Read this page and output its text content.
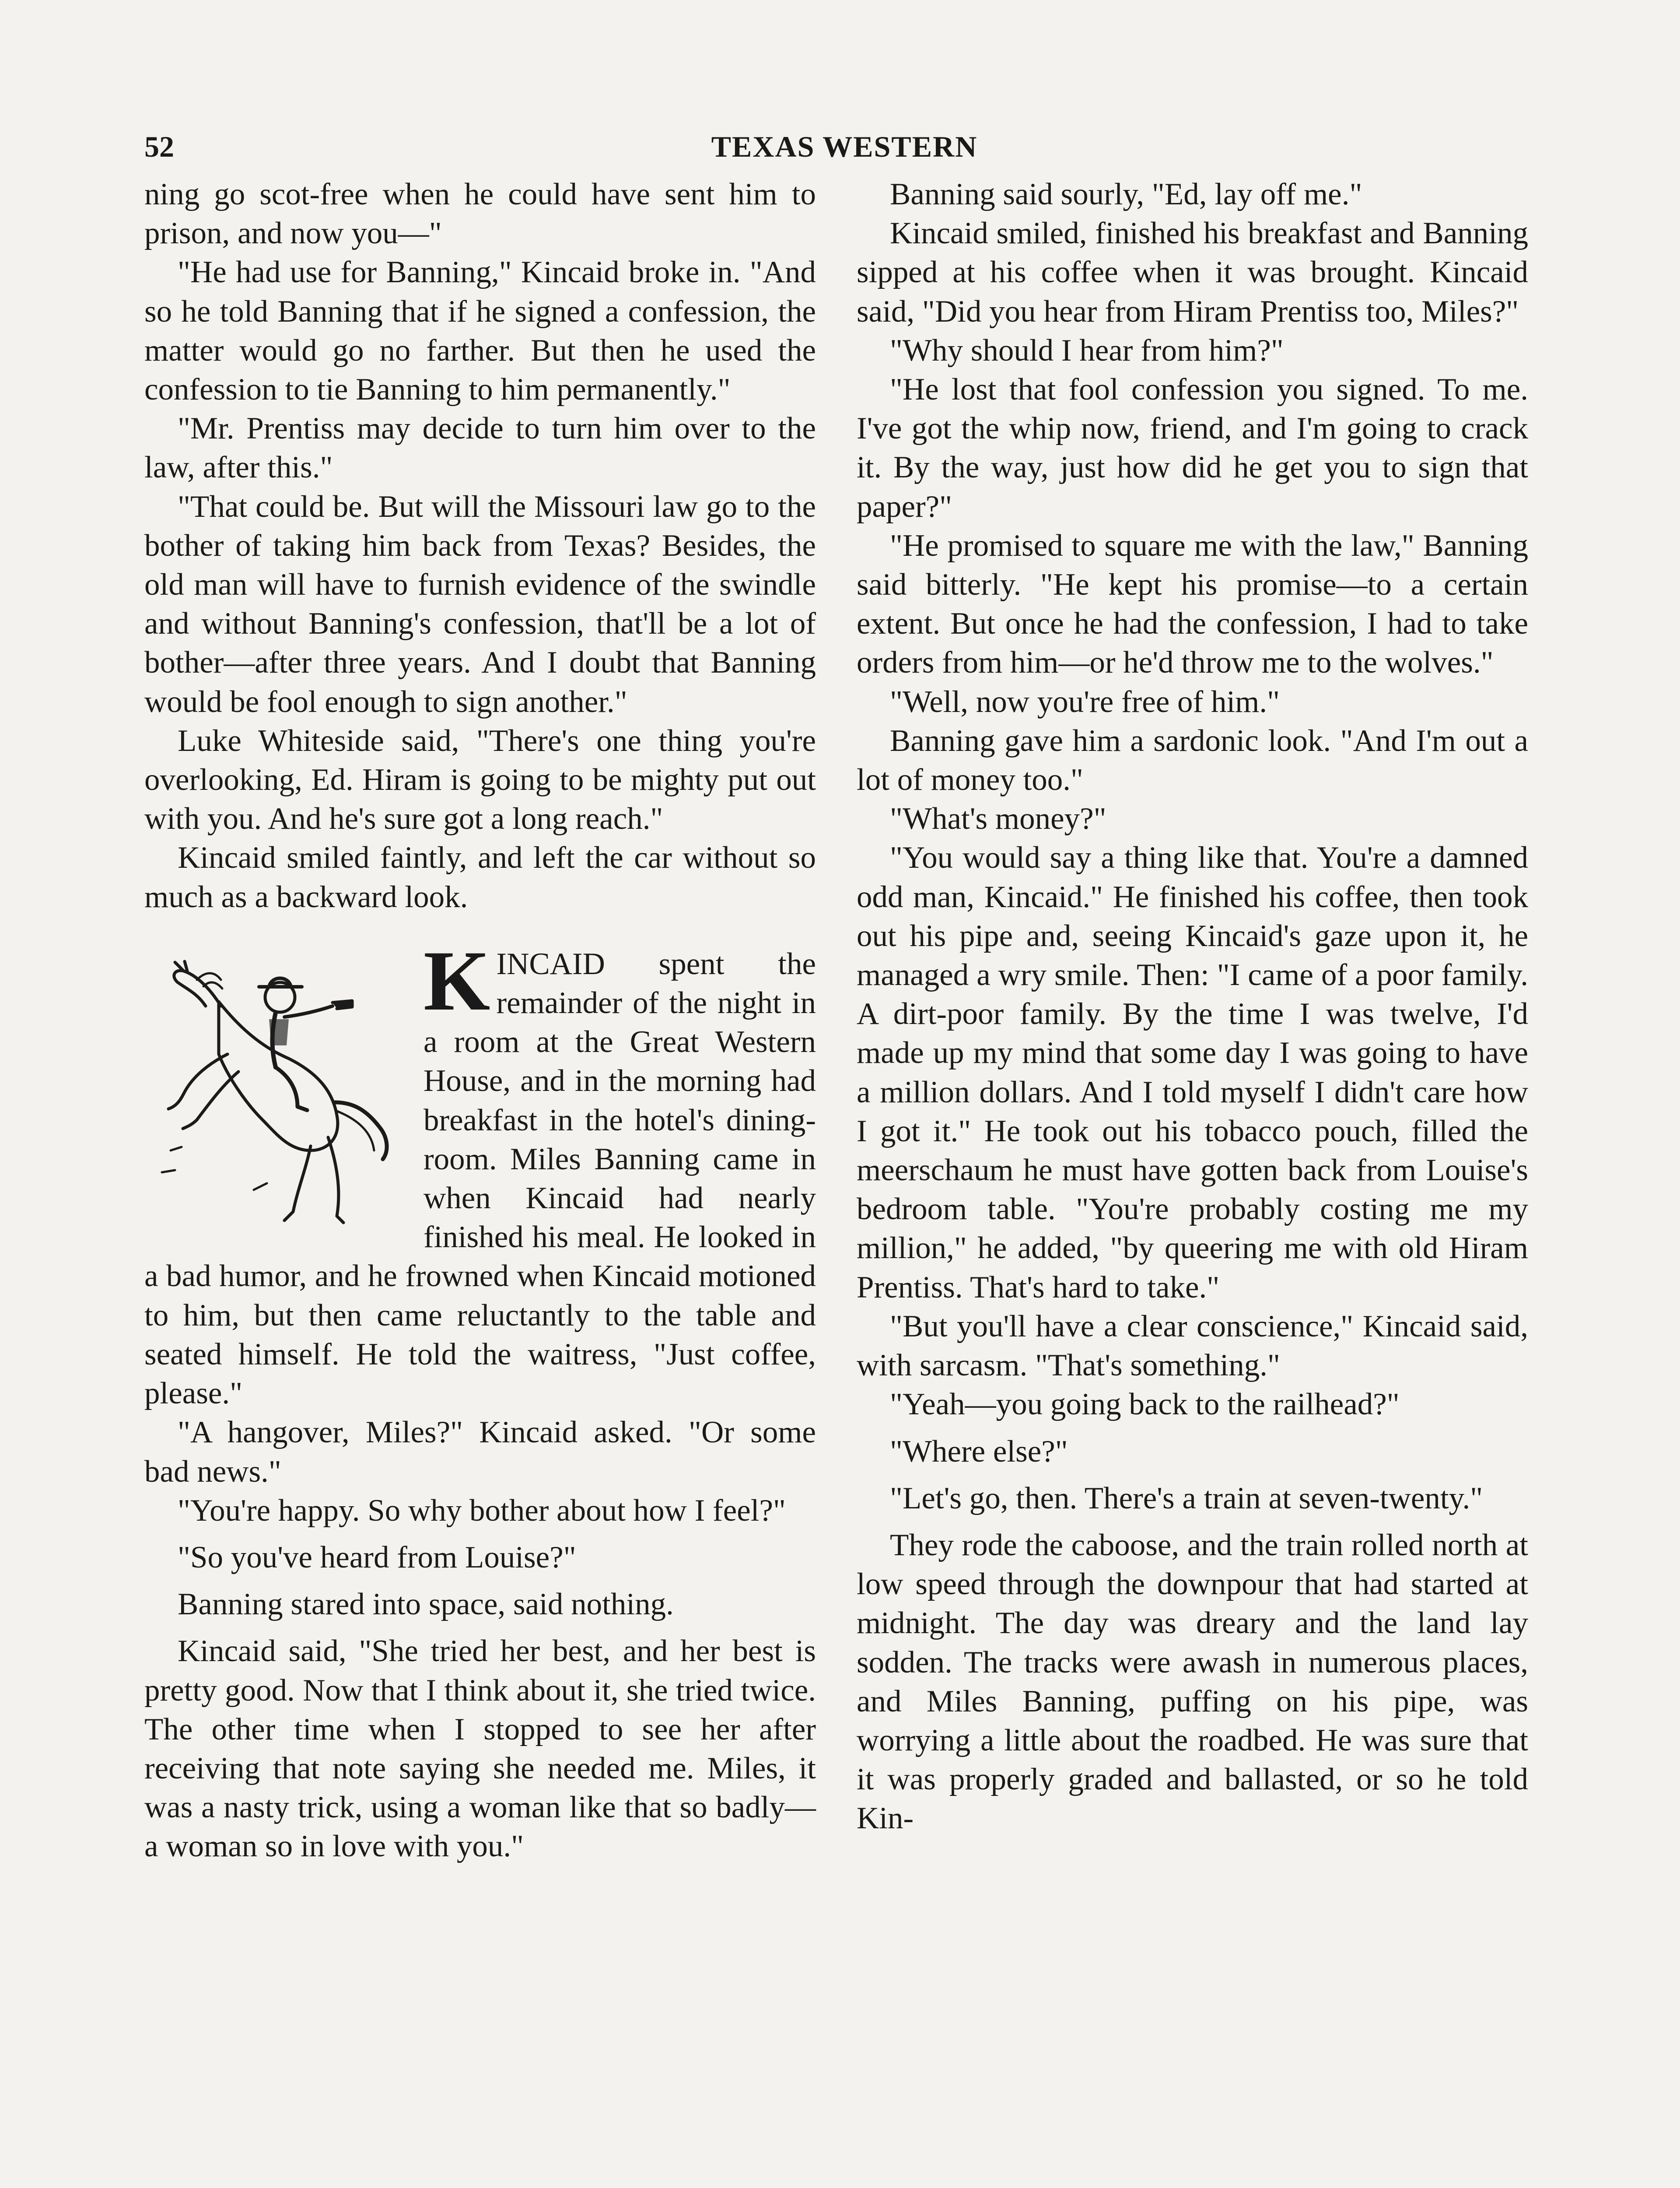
52	TEXAS WESTERN

ning go scot-free when he could have sent him to prison, and now you—"

"He had use for Banning," Kincaid broke in. "And so he told Banning that if he signed a confession, the matter would go no farther. But then he used the confession to tie Banning to him permanently."

"Mr. Prentiss may decide to turn him over to the law, after this."

"That could be. But will the Missouri law go to the bother of taking him back from Texas? Besides, the old man will have to furnish evidence of the swindle and without Banning's confession, that'll be a lot of bother—after three years. And I doubt that Banning would be fool enough to sign another."

Luke Whiteside said, "There's one thing you're overlooking, Ed. Hiram is going to be mighty put out with you. And he's sure got a long reach."

Kincaid smiled faintly, and left the car without so much as a backward look.

K INCAID spent the remainder of the night in a room at the Great Western House, and in the morning had breakfast in the hotel's dining-room. Miles Banning came in when Kincaid had nearly finished his meal. He looked in a bad humor, and he frowned when Kincaid motioned to him, but then came reluctantly to the table and seated himself. He told the waitress, "Just coffee, please."

"A hangover, Miles?" Kincaid asked. "Or some bad news."

"You're happy. So why bother about how I feel?"

"So you've heard from Louise?"

Banning stared into space, said nothing.

Kincaid said, "She tried her best, and her best is pretty good. Now that I think about it, she tried twice. The other time when I stopped to see her after receiving that note saying she needed me. Miles, it was a nasty trick, using a woman like that so badly—a woman so in love with you."

Banning said sourly, "Ed, lay off me."

Kincaid smiled, finished his breakfast and Banning sipped at his coffee when it was brought. Kincaid said, "Did you hear from Hiram Prentiss too, Miles?"

"Why should I hear from him?"

"He lost that fool confession you signed. To me. I've got the whip now, friend, and I'm going to crack it. By the way, just how did he get you to sign that paper?"

"He promised to square me with the law," Banning said bitterly. "He kept his promise—to a certain extent. But once he had the confession, I had to take orders from him—or he'd throw me to the wolves."

"Well, now you're free of him."

Banning gave him a sardonic look. "And I'm out a lot of money too."

"What's money?"

"You would say a thing like that. You're a damned odd man, Kincaid." He finished his coffee, then took out his pipe and, seeing Kincaid's gaze upon it, he managed a wry smile. Then: "I came of a poor family. A dirt-poor family. By the time I was twelve, I'd made up my mind that some day I was going to have a million dollars. And I told myself I didn't care how I got it." He took out his tobacco pouch, filled the meerschaum he must have gotten back from Louise's bedroom table. "You're probably costing me my million," he added, "by queering me with old Hiram Prentiss. That's hard to take."

"But you'll have a clear conscience," Kincaid said, with sarcasm. "That's something."

"Yeah—you going back to the railhead?"

"Where else?"

"Let's go, then. There's a train at seven-twenty."

They rode the caboose, and the train rolled north at low speed through the downpour that had started at midnight. The day was dreary and the land lay sodden. The tracks were awash in numerous places, and Miles Banning, puffing on his pipe, was worrying a little about the roadbed. He was sure that it was properly graded and ballasted, or so he told Kin-
